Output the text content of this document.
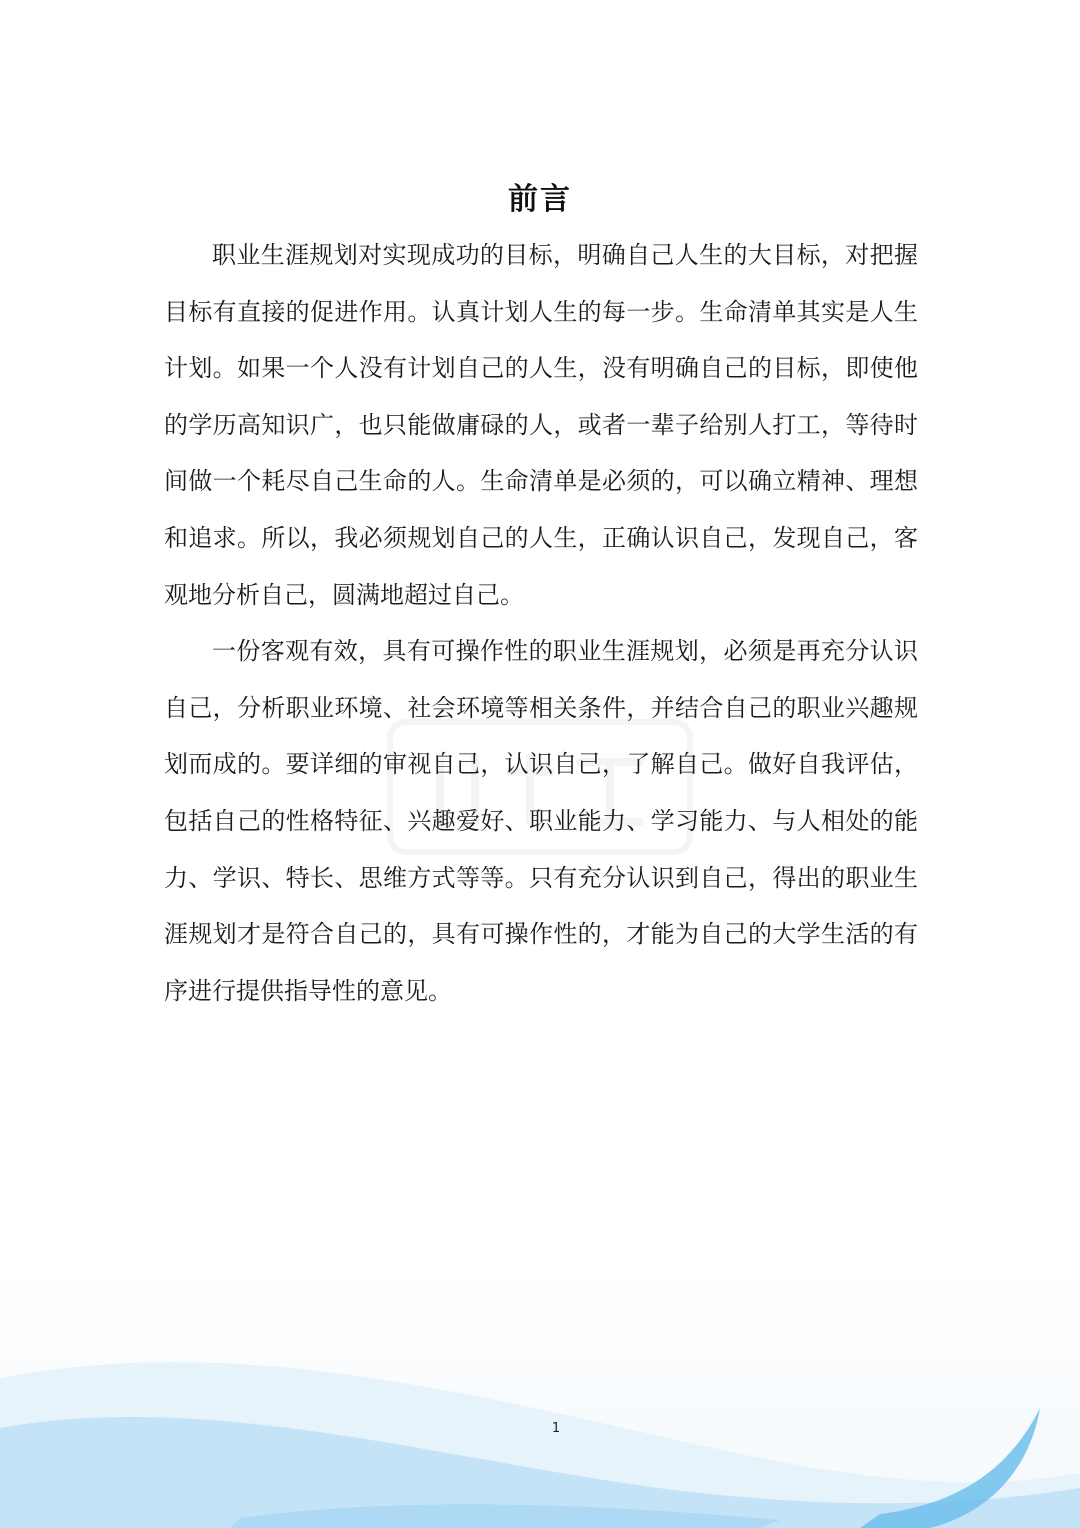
前言

职业生涯规划对实现成功的目标，明确自己人生的大目标，对把握目标有直接的促进作用。认真计划人生的每一步。生命清单其实是人生计划。如果一个人没有计划自己的人生，没有明确自己的目标，即使他的学历高知识广，也只能做庸碌的人，或者一辈子给别人打工，等待时间做一个耗尽自己生命的人。生命清单是必须的，可以确立精神、理想和追求。所以，我必须规划自己的人生，正确认识自己，发现自己，客观地分析自己，圆满地超过自己。

一份客观有效，具有可操作性的职业生涯规划，必须是再充分认识自己，分析职业环境、社会环境等相关条件，并结合自己的职业兴趣规划而成的。要详细的审视自己，认识自己，了解自己。做好自我评估，包括自己的性格特征、兴趣爱好、职业能力、学习能力、与人相处的能力、学识、特长、思维方式等等。只有充分认识到自己，得出的职业生涯规划才是符合自己的，具有可操作性的，才能为自己的大学生活的有序进行提供指导性的意见。

1
